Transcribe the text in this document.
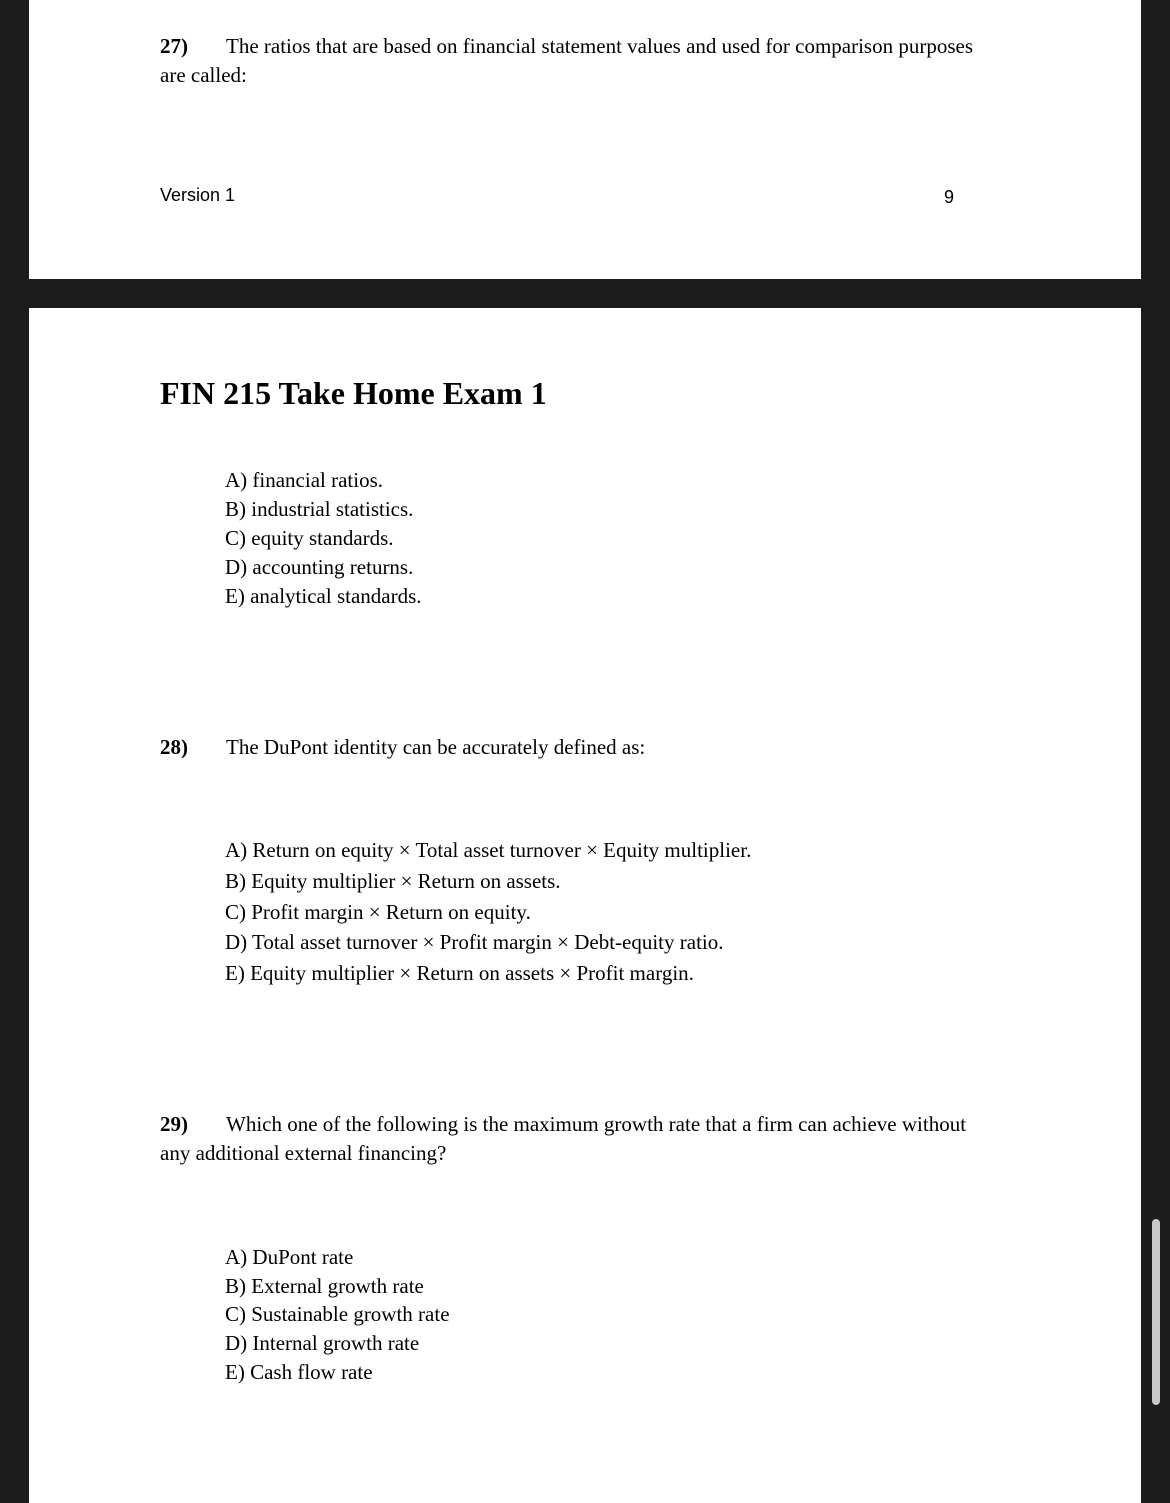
27) The ratios that are based on financial statement values and used for comparison purposes
are called:
Version 1	9
FIN 215 Take Home Exam 1
A) financial ratios.
B) industrial statistics.
C) equity standards.
D) accounting returns.
E) analytical standards.
28) The DuPont identity can be accurately defined as:
A) Return on equity × Total asset turnover × Equity multiplier.
B) Equity multiplier × Return on assets.
C) Profit margin × Return on equity.
D) Total asset turnover × Profit margin × Debt-equity ratio.
E) Equity multiplier × Return on assets × Profit margin.
29) Which one of the following is the maximum growth rate that a firm can achieve without
any additional external financing?
A) DuPont rate
B) External growth rate
C) Sustainable growth rate
D) Internal growth rate
E) Cash flow rate
